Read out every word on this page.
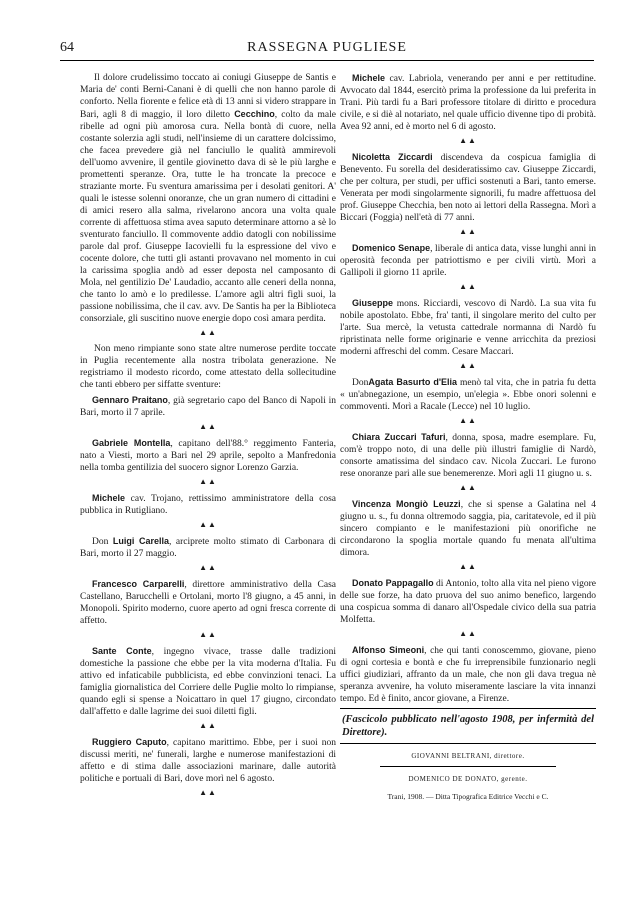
64	RASSEGNA PUGLIESE

Il dolore crudelissimo toccato ai coniugi Giuseppe de Santis e Maria de' conti Berni-Canani è di quelli che non hanno parole di conforto. Nella fiorente e felice età di 13 anni si videro strappare in Bari, agli 8 di maggio, il loro diletto Cecchino, colto da male ribelle ad ogni più amorosa cura. Nella bontà di cuore, nella costante solerzia agli studi, nell'insieme di un carattere dolcissimo, che facea prevedere già nel fanciullo le qualità ammirevoli dell'uomo avvenire, il gentile giovinetto dava di sè le più larghe e promettenti speranze. Ora, tutte le ha troncate la precoce e straziante morte. Fu sventura amarissima per i desolati genitori. A' quali le istesse solenni onoranze, che un gran numero di cittadini e di amici resero alla salma, rivelarono ancora una volta quale corrente di affettuosa stima avea saputo determinare attorno a sè lo sventurato fanciullo. Il commovente addio datogli con nobilissime parole dal prof. Giuseppe Iacovielli fu la espressione del vivo e cocente dolore, che tutti gli astanti provavano nel momento in cui la carissima spoglia andò ad esser deposta nel camposanto di Mola, nel gentilizio De' Laudadio, accanto alle ceneri della nonna, che tanto lo amò e lo predilesse. L'amore agli altri figli suoi, la passione nobilissima, che il cav. avv. De Santis ha per la Biblioteca consorziale, gli suscitino nuove energie dopo così amara perdita.

▲▲

Non meno rimpiante sono state altre numerose perdite toccate in Puglia recentemente alla nostra tribolata generazione. Ne registriamo il modesto ricordo, come attestato della sollecitudine che tanti ebbero per siffatte sventure:

Gennaro Praitano, già segretario capo del Banco di Napoli in Bari, morto il 7 aprile.

▲▲

Gabriele Montella, capitano dell'88.° reggimento Fanteria, nato a Viesti, morto a Bari nel 29 aprile, sepolto a Manfredonia nella tomba gentilizia del suocero signor Lorenzo Garzia.

▲▲

Michele cav. Trojano, rettissimo amministratore della cosa pubblica in Rutigliano.

▲▲

Don Luigi Carella, arciprete molto stimato di Carbonara di Bari, morto il 27 maggio.

▲▲

Francesco Carparelli, direttore amministrativo della Casa Castellano, Barucchelli e Ortolani, morto l'8 giugno, a 45 anni, in Monopoli. Spirito moderno, cuore aperto ad ogni fresca corrente di affetto.

▲▲

Sante Conte, ingegno vivace, trasse dalle tradizioni domestiche la passione che ebbe per la vita moderna d'Italia. Fu attivo ed infaticabile pubblicista, ed ebbe convinzioni tenaci. La famiglia giornalistica del Corriere delle Puglie molto lo rimpianse, quando egli si spense a Noicattaro in quel 17 giugno, circondato dall'affetto e dalle lagrime dei suoi diletti figli.

▲▲

Ruggiero Caputo, capitano marittimo. Ebbe, per i suoi non discussi meriti, ne' funerali, larghe e numerose manifestazioni di affetto e di stima dalle associazioni marinare, dalle autorità politiche e portuali di Bari, dove morì nel 6 agosto.

▲▲

Michele cav. Labriola, venerando per anni e per rettitudine. Avvocato dal 1844, esercitò prima la professione da lui preferita in Trani. Più tardi fu a Bari professore titolare di diritto e procedura civile, e si diè al notariato, nel quale ufficio divenne tipo di probità. Avea 92 anni, ed è morto nel 6 di agosto.

▲▲

Nicoletta Ziccardi discendeva da cospicua famiglia di Benevento. Fu sorella del desideratissimo cav. Giuseppe Ziccardi, che per coltura, per studi, per uffici sostenuti a Bari, tanto emerse. Venerata per modi singolarmente signorili, fu madre affettuosa del prof. Giuseppe Checchia, ben noto ai lettori della Rassegna. Morì a Biccari (Foggia) nell'età di 77 anni.

▲▲

Domenico Senape, liberale di antica data, visse lunghi anni in operosità feconda per patriottismo e per civili virtù. Morì a Gallipoli il giorno 11 aprile.

▲▲

Giuseppe mons. Ricciardi, vescovo di Nardò. La sua vita fu nobile apostolato. Ebbe, fra' tanti, il singolare merito del culto per l'arte. Sua mercè, la vetusta cattedrale normanna di Nardò fu ripristinata nelle forme originarie e venne arricchita da preziosi moderni affreschi del comm. Cesare Maccari.

▲▲

DonAgata Basurto d'Elia menò tal vita, che in patria fu detta « un'abnegazione, un esempio, un'elegia ». Ebbe onori solenni e commoventi. Morì a Racale (Lecce) nel 10 luglio.

▲▲

Chiara Zuccari Tafuri, donna, sposa, madre esemplare. Fu, com'è troppo noto, di una delle più illustri famiglie di Nardò, consorte amatissima del sindaco cav. Nicola Zuccari. Le furono rese onoranze pari alle sue benemerenze. Morì agli 11 giugno u. s.

▲▲

Vincenza Mongiò Leuzzi, che si spense a Galatina nel 4 giugno u. s., fu donna oltremodo saggia, pia, caritatevole, ed il più sincero compianto e le manifestazioni più onorifiche ne circondarono la spoglia mortale quando fu menata all'ultima dimora.

▲▲

Donato Pappagallo di Antonio, tolto alla vita nel pieno vigore delle sue forze, ha dato pruova del suo animo benefico, largendo una cospicua somma di danaro all'Ospedale civico della sua patria Molfetta.

▲▲

Alfonso Simeoni, che qui tanti conoscemmo, giovane, pieno di ogni cortesia e bontà e che fu irreprensibile funzionario negli uffici giudiziari, affranto da un male, che non gli dava tregua nè speranza avvenire, ha voluto miseramente lasciare la vita innanzi tempo. Ed è finito, ancor giovane, a Firenze.

(Fascicolo pubblicato nell'agosto 1908, per infermità del Direttore).

GIOVANNI BELTRANI, direttore.
DOMENICO DE DONATO, gerente.
Trani, 1908. — Ditta Tipografica Editrice Vecchi e C.
